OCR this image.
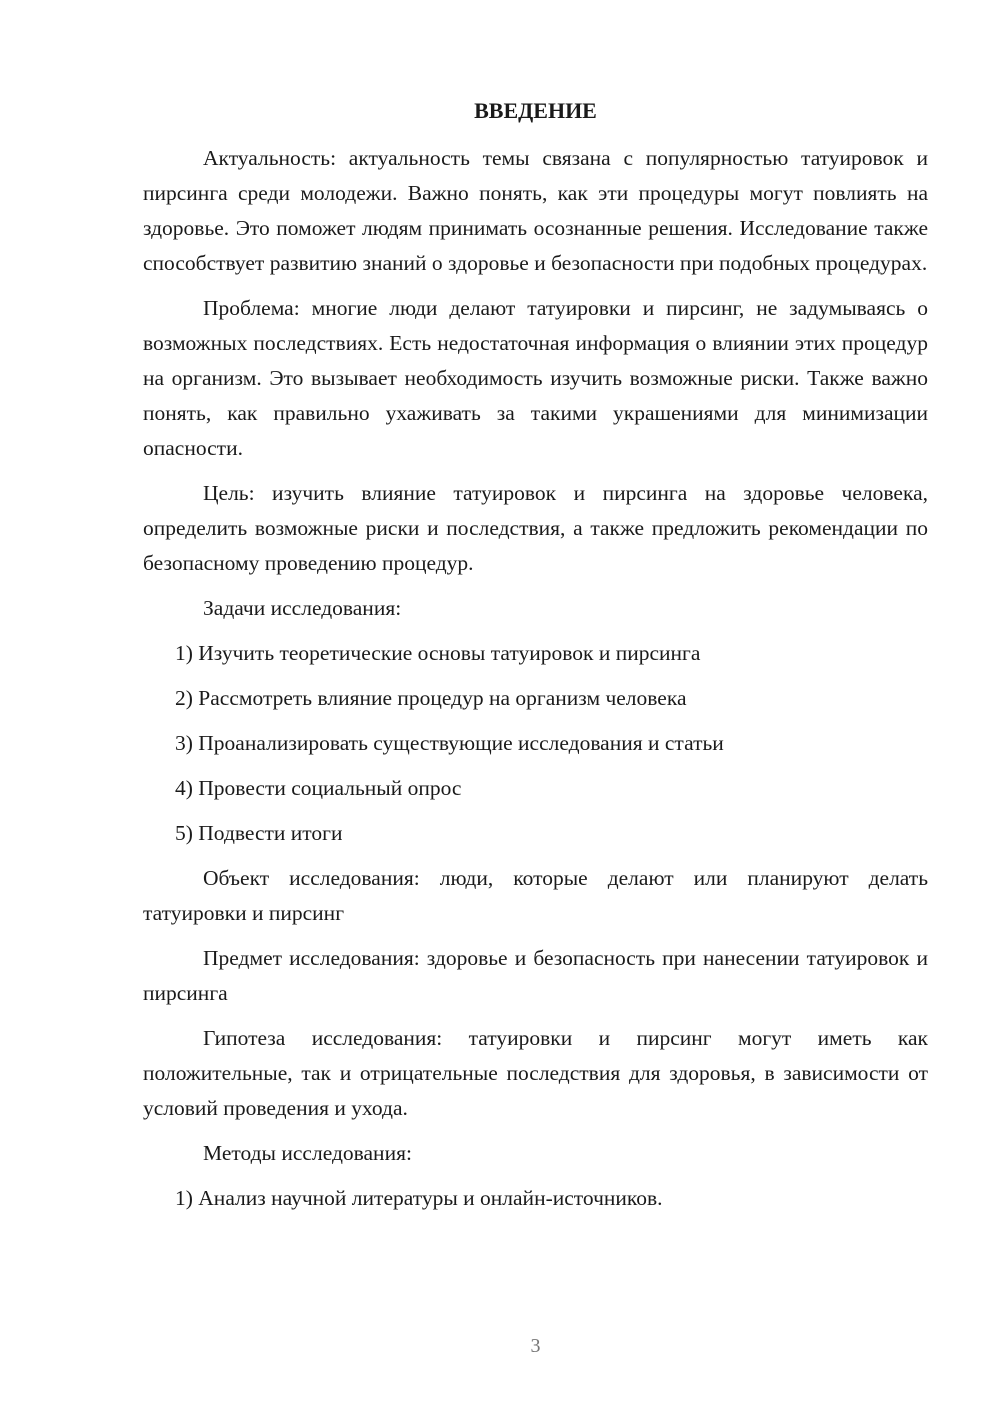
ВВЕДЕНИЕ

Актуальность: актуальность темы связана с популярностью татуировок и пирсинга среди молодежи. Важно понять, как эти процедуры могут повлиять на здоровье. Это поможет людям принимать осознанные решения. Исследование также способствует развитию знаний о здоровье и безопасности при подобных процедурах.

Проблема: многие люди делают татуировки и пирсинг, не задумываясь о возможных последствиях. Есть недостаточная информация о влиянии этих процедур на организм. Это вызывает необходимость изучить возможные риски. Также важно понять, как правильно ухаживать за такими украшениями для минимизации опасности.

Цель: изучить влияние татуировок и пирсинга на здоровье человека, определить возможные риски и последствия, а также предложить рекомендации по безопасному проведению процедур.

Задачи исследования:

1) Изучить теоретические основы татуировок и пирсинга
2) Рассмотреть влияние процедур на организм человека
3) Проанализировать существующие исследования и статьи
4) Провести социальный опрос
5) Подвести итоги

Объект исследования: люди, которые делают или планируют делать татуировки и пирсинг

Предмет исследования: здоровье и безопасность при нанесении татуировок и пирсинга

Гипотеза исследования: татуировки и пирсинг могут иметь как положительные, так и отрицательные последствия для здоровья, в зависимости от условий проведения и ухода.

Методы исследования:

1) Анализ научной литературы и онлайн-источников.

3
